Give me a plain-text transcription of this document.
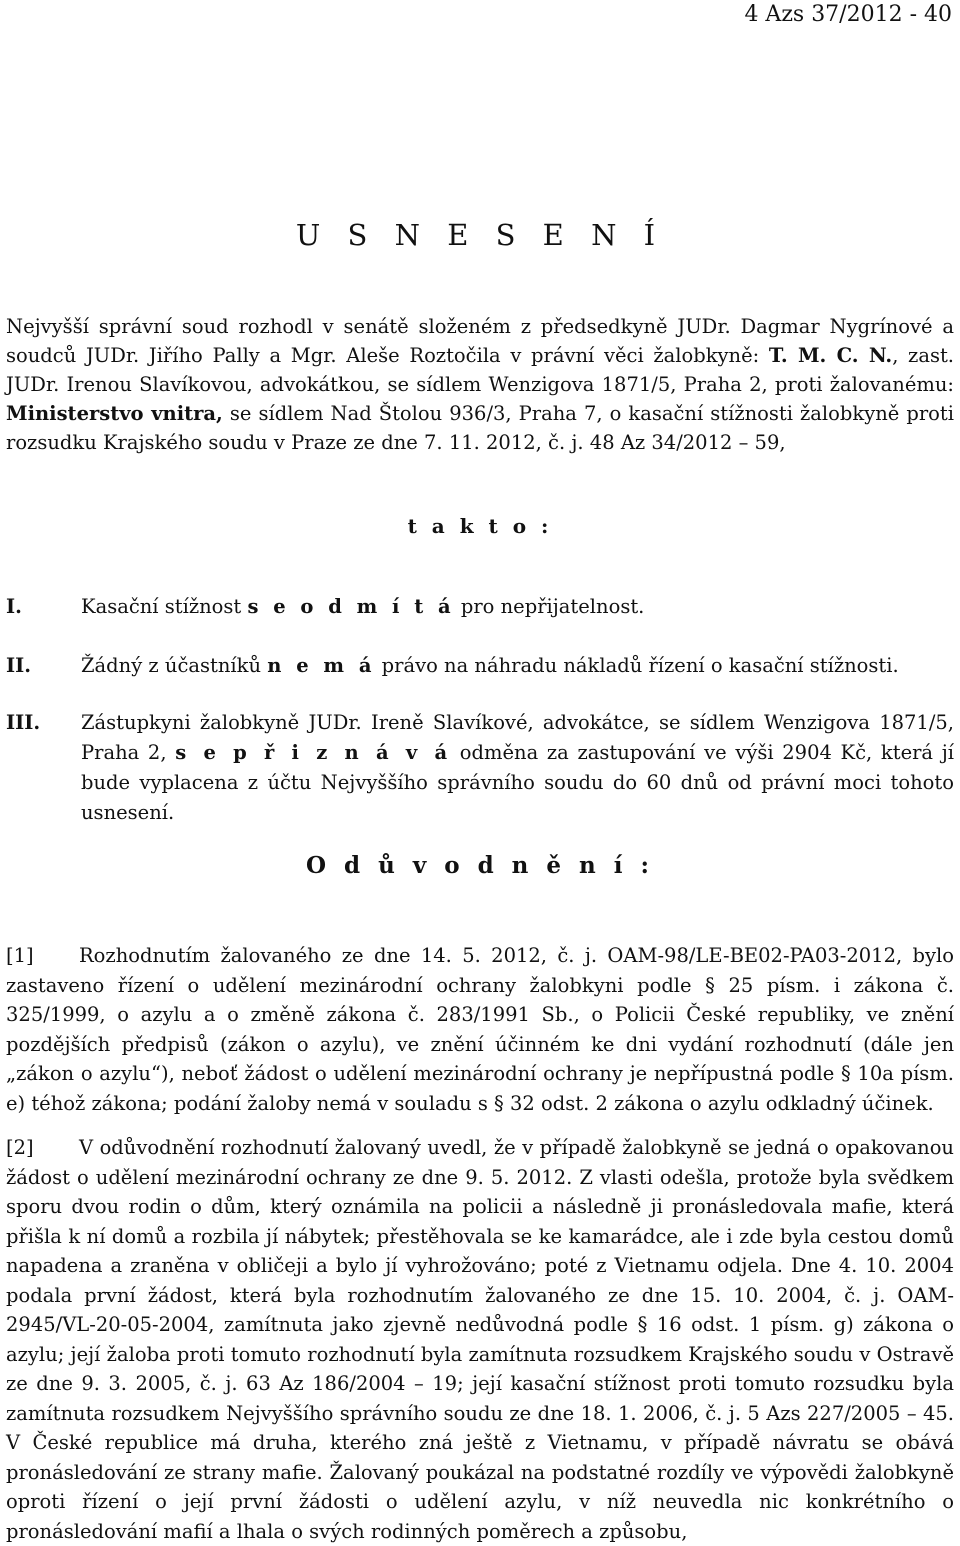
4 Azs 37/2012 - 40
U S N E S E N Í
Nejvyšší správní soud rozhodl v senátě složeném z předsedkyně JUDr. Dagmar Nygrínové a soudců JUDr. Jiřího Pally a Mgr. Aleše Roztočila v právní věci žalobkyně: T. M. C. N., zast. JUDr. Irenou Slavíkovou, advokátkou, se sídlem Wenzigova 1871/5, Praha 2, proti žalovanému: Ministerstvo vnitra, se sídlem Nad Štolou 936/3, Praha 7, o kasační stížnosti žalobkyně proti rozsudku Krajského soudu v Praze ze dne 7. 11. 2012, č. j. 48 Az 34/2012 – 59,
t a k t o :
I.	Kasační stížnost s e o d m í t á pro nepřijatelnost.
II.	Žádný z účastníků n e m á právo na náhradu nákladů řízení o kasační stížnosti.
III. Zástupkyni žalobkyně JUDr. Ireně Slavíkové, advokátce, se sídlem Wenzigova 1871/5, Praha 2, s e p ř i z n á v á odměna za zastupování ve výši 2904 Kč, která jí bude vyplacena z účtu Nejvyššího správního soudu do 60 dnů od právní moci tohoto usnesení.
O d ů v o d n ě n í :
[1] Rozhodnutím žalovaného ze dne 14. 5. 2012, č. j. OAM-98/LE-BE02-PA03-2012, bylo zastaveno řízení o udělení mezinárodní ochrany žalobkyni podle § 25 písm. i zákona č. 325/1999, o azylu a o změně zákona č. 283/1991 Sb., o Policii České republiky, ve znění pozdějších předpisů (zákon o azylu), ve znění účinném ke dni vydání rozhodnutí (dále jen „zákon o azylu“), neboť žádost o udělení mezinárodní ochrany je nepřípustná podle § 10a písm. e) téhož zákona; podání žaloby nemá v souladu s § 32 odst. 2 zákona o azylu odkladný účinek.
[2] V odůvodnění rozhodnutí žalovaný uvedl, že v případě žalobkyně se jedná o opakovanou žádost o udělení mezinárodní ochrany ze dne 9. 5. 2012. Z vlasti odešla, protože byla svědkem sporu dvou rodin o dům, který oznámila na policii a následně ji pronásledovala mafie, která přišla k ní domů a rozbila jí nábytek; přestěhovala se ke kamarádce, ale i zde byla cestou domů napadena a zraněna v obličeji a bylo jí vyhrožováno; poté z Vietnamu odjela. Dne 4. 10. 2004 podala první žádost, která byla rozhodnutím žalovaného ze dne 15. 10. 2004, č. j. OAM-2945/VL-20-05-2004, zamítnuta jako zjevně nedůvodná podle § 16 odst. 1 písm. g) zákona o azylu; její žaloba proti tomuto rozhodnutí byla zamítnuta rozsudkem Krajského soudu v Ostravě ze dne 9. 3. 2005, č. j. 63 Az 186/2004 – 19; její kasační stížnost proti tomuto rozsudku byla zamítnuta rozsudkem Nejvyššího správního soudu ze dne 18. 1. 2006, č. j. 5 Azs 227/2005 – 45. V České republice má druha, kterého zná ještě z Vietnamu, v případě návratu se obává pronásledování ze strany mafie. Žalovaný poukázal na podstatné rozdíly ve výpovědi žalobkyně oproti řízení o její první žádosti o udělení azylu, v níž neuvedla nic konkrétního o pronásledování mafií a lhala o svých rodinných poměrech a způsobu,
